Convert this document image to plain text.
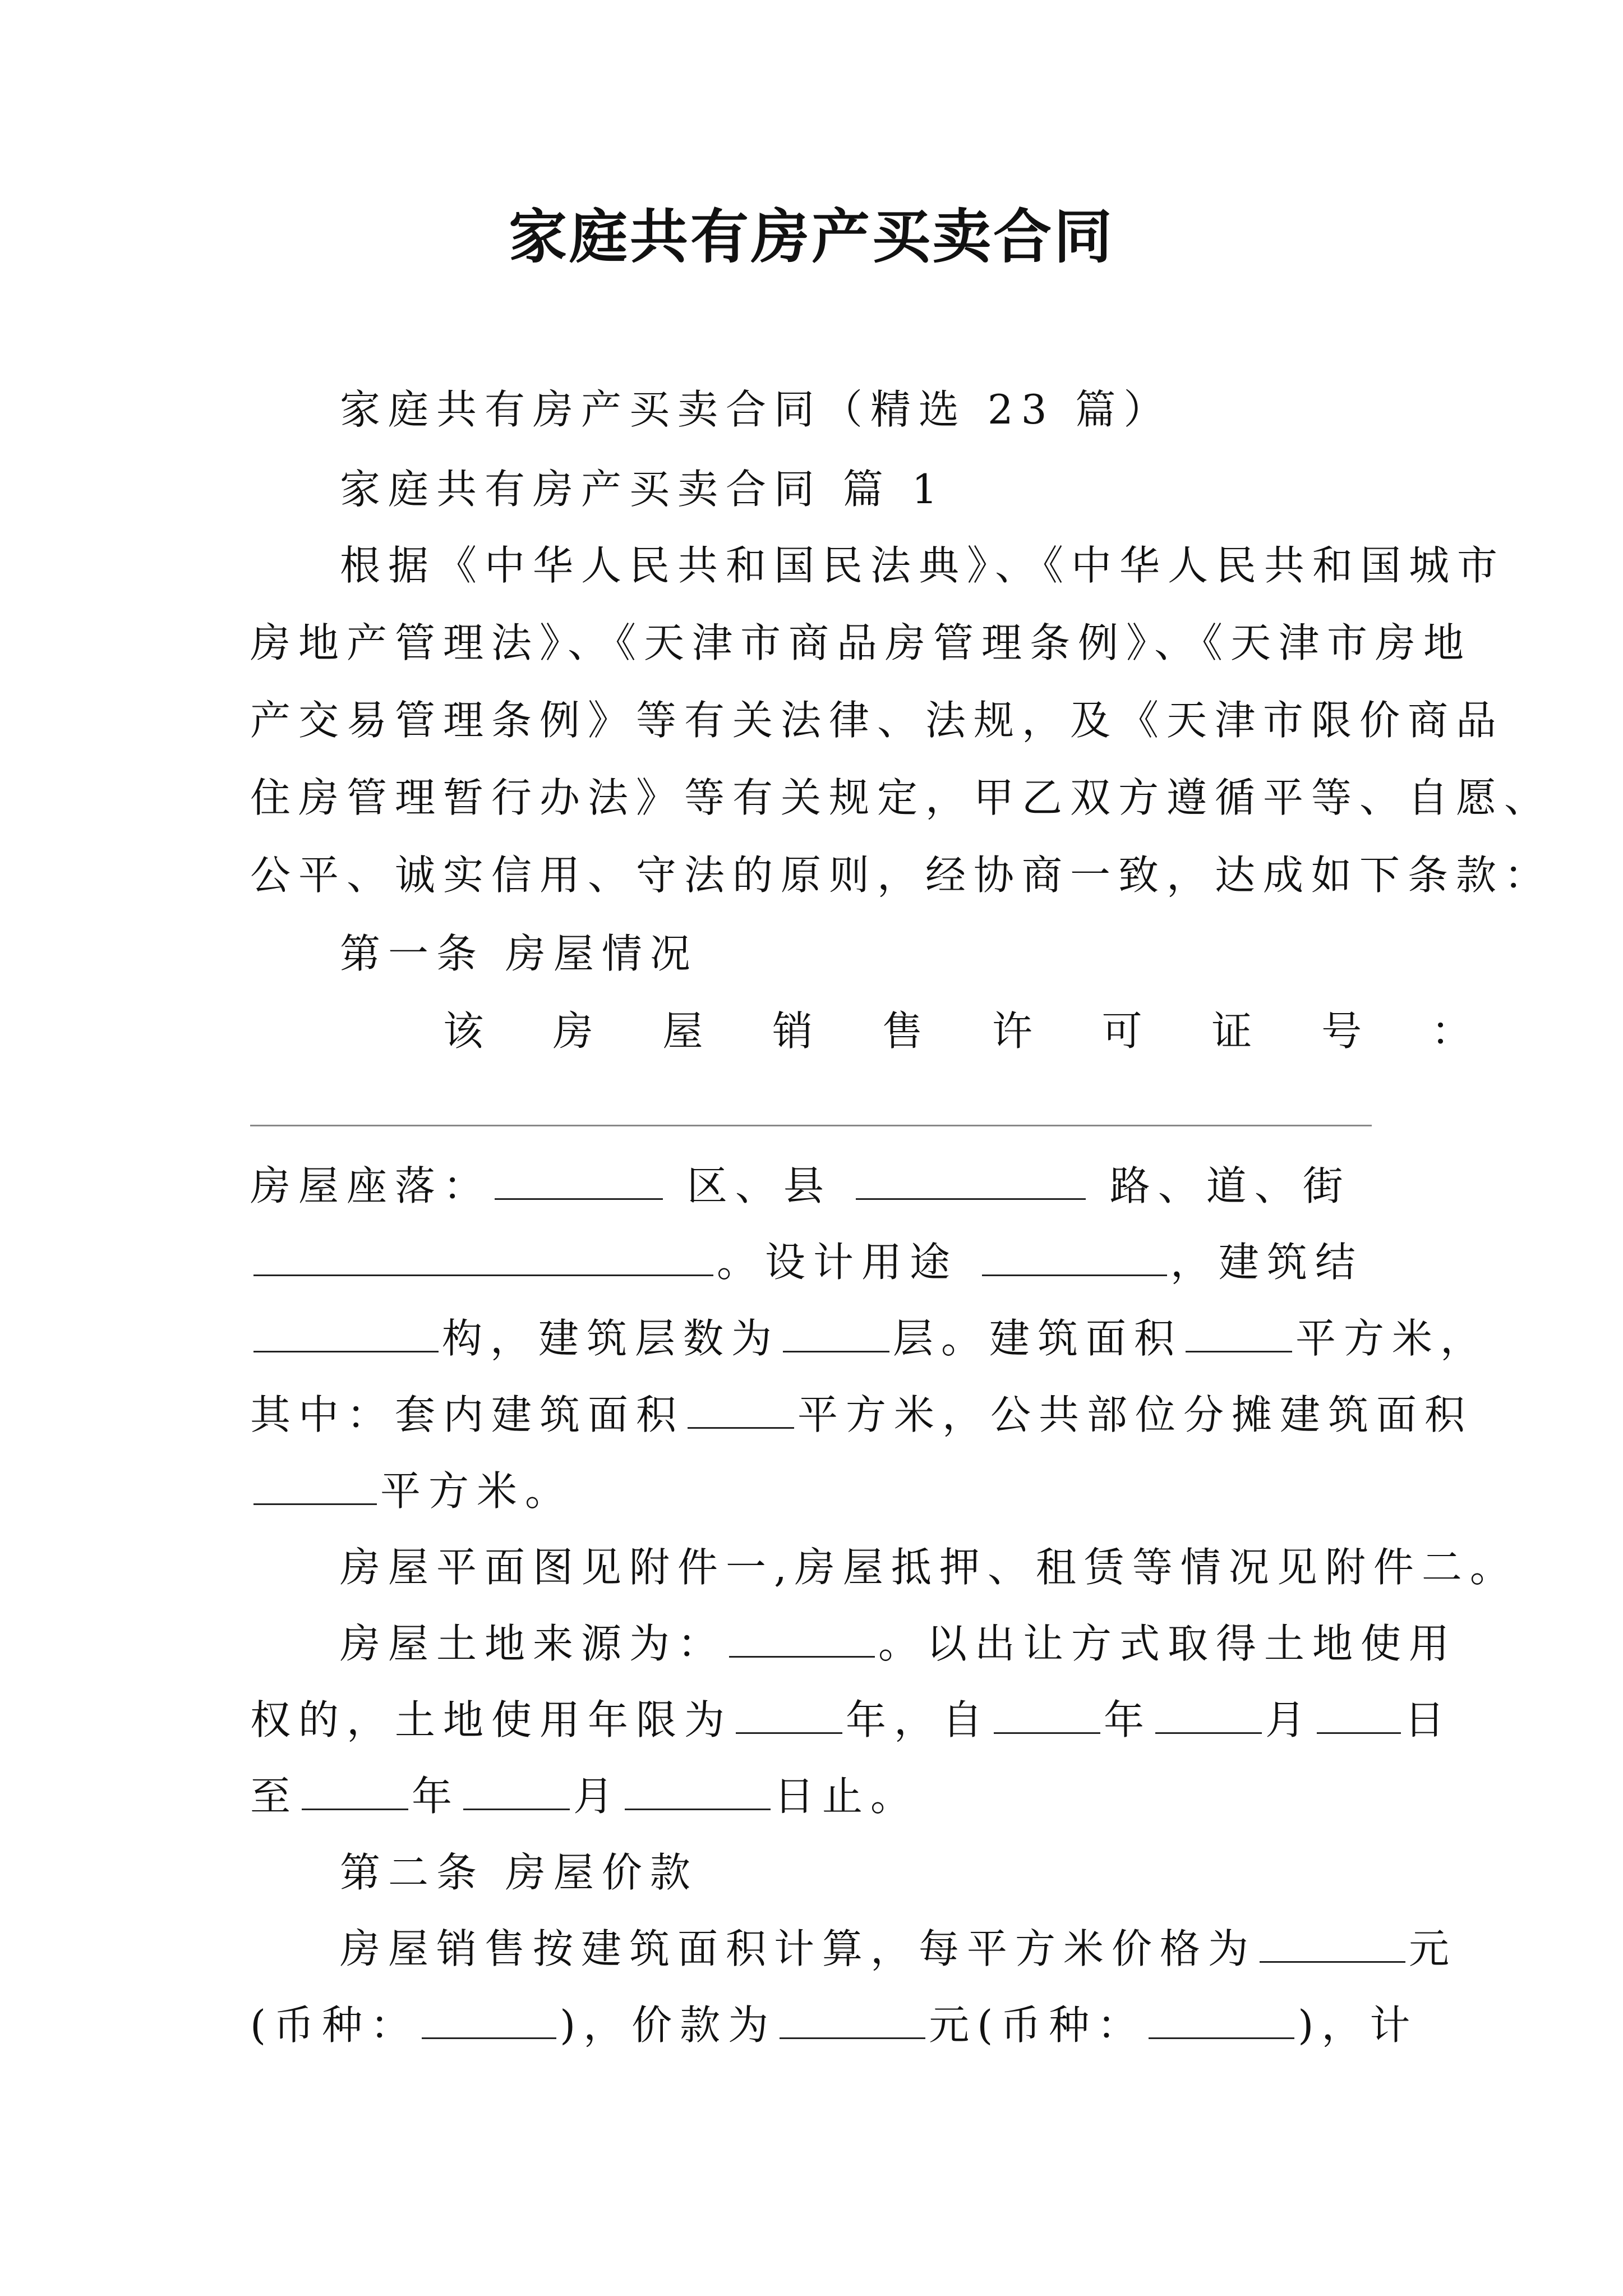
家庭共有房产买卖合同
家庭共有房产买卖合同（精选 23 篇）
家庭共有房产买卖合同 篇 1
根据《中华人民共和国民法典》、《中华人民共和国城市
房地产管理法》、《天津市商品房管理条例》、《天津市房地
产交易管理条例》等有关法律、法规，及《天津市限价商品
住房管理暂行办法》等有关规定，甲乙双方遵循平等、自愿、
公平、诚实信用、守法的原则，经协商一致，达成如下条款：
第一条 房屋情况
该 房 屋 销 售 许 可 证 号 ：
房屋座落：	区、县	路、道、街
。设计用途	，建筑结
构，建筑层数为	层。建筑面积	平方米，
其中：套内建筑面积	平方米，公共部位分摊建筑面积
平方米。
房屋平面图见附件一,房屋抵押、租赁等情况见附件二。
房屋土地来源为：	。以出让方式取得土地使用
权的，土地使用年限为	年，自	年	月 日
至	年	月	日止。
第二条 房屋价款
房屋销售按建筑面积计算，每平方米价格为	元
(币种：	)，价款为	元(币种：	)，计
